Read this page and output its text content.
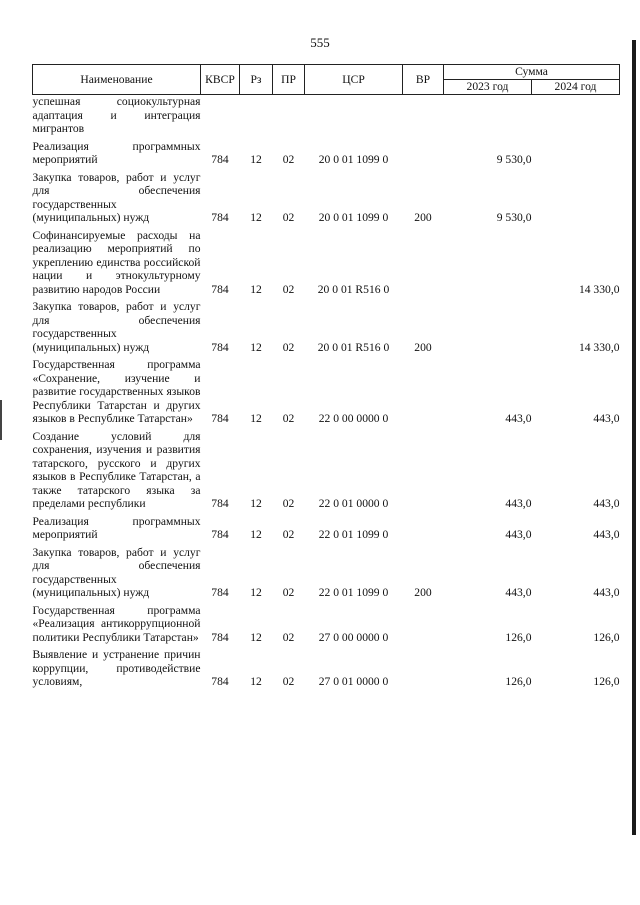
555
Наименование	КВСР	Рз	ПР	ЦСР	ВР	Сумма	
						2023 год	2024 год
успешная социокультурная адаптация и интеграция мигрантов							
Реализация программных мероприятий	784	12	02	20 0 01 1099 0		9 530,0	
Закупка товаров, работ и услуг для обеспечения государственных (муниципальных) нужд	784	12	02	20 0 01 1099 0	200	9 530,0	
Софинансируемые расходы на реализацию мероприятий по укреплению единства российской нации и этнокультурному развитию народов России	784	12	02	20 0 01 R516 0			14 330,0
Закупка товаров, работ и услуг для обеспечения государственных (муниципальных) нужд	784	12	02	20 0 01 R516 0	200		14 330,0
Государственная программа «Сохранение, изучение и развитие государственных языков Республики Татарстан и других языков в Республике Татарстан»	784	12	02	22 0 00 0000 0		443,0	443,0
Создание условий для сохранения, изучения и развития татарского, русского и других языков в Республике Татарстан, а также татарского языка за пределами республики	784	12	02	22 0 01 0000 0		443,0	443,0
Реализация программных мероприятий	784	12	02	22 0 01 1099 0		443,0	443,0
Закупка товаров, работ и услуг для обеспечения государственных (муниципальных) нужд	784	12	02	22 0 01 1099 0	200	443,0	443,0
Государственная программа «Реализация антикоррупционной политики Республики Татарстан»	784	12	02	27 0 00 0000 0		126,0	126,0
Выявление и устранение причин коррупции, противодействие условиям,	784	12	02	27 0 01 0000 0		126,0	126,0
